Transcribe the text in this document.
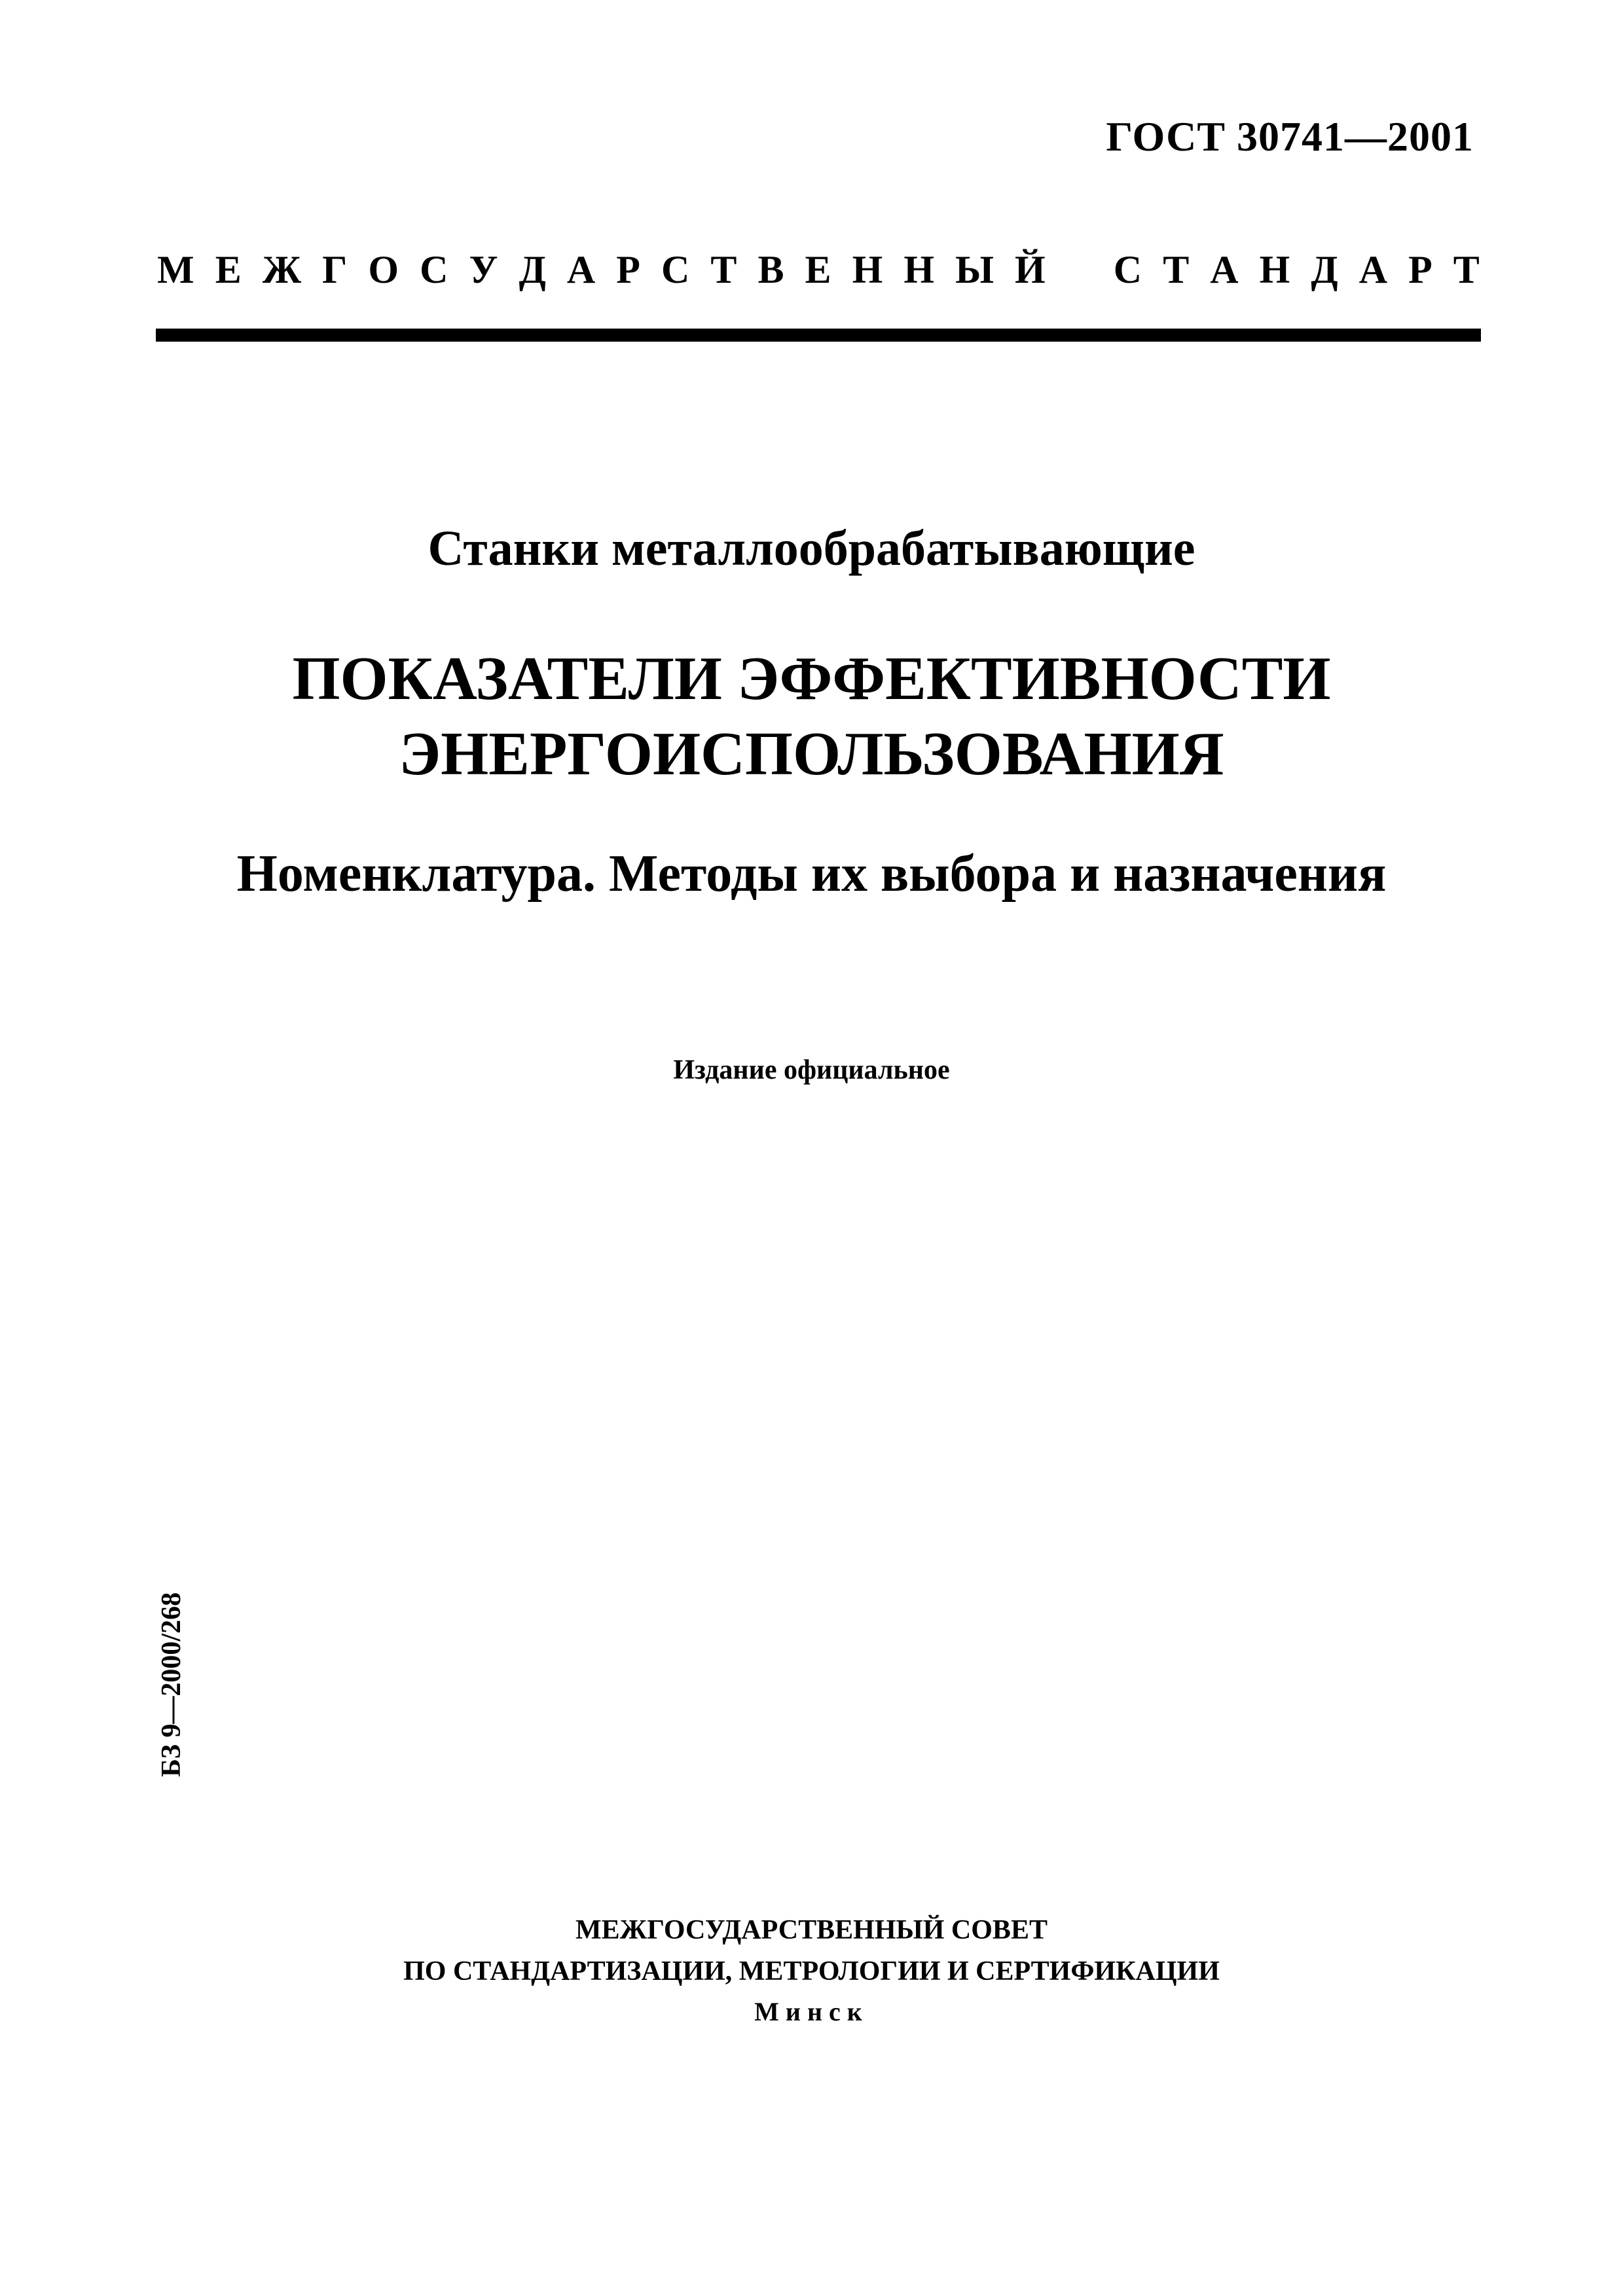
ГОСТ 30741—2001
М Е Ж Г О С У Д А Р С Т В Е Н Н Ы Й С Т А Н Д А Р Т
Станки металлообрабатывающие
ПОКАЗАТЕЛИ ЭФФЕКТИВНОСТИ
ЭНЕРГОИСПОЛЬЗОВАНИЯ
Номенклатура. Методы их выбора и назначения
Издание официальное
БЗ 9—2000/268
МЕЖГОСУДАРСТВЕННЫЙ СОВЕТ
ПО СТАНДАРТИЗАЦИИ, МЕТРОЛОГИИ И СЕРТИФИКАЦИИ
Минск
